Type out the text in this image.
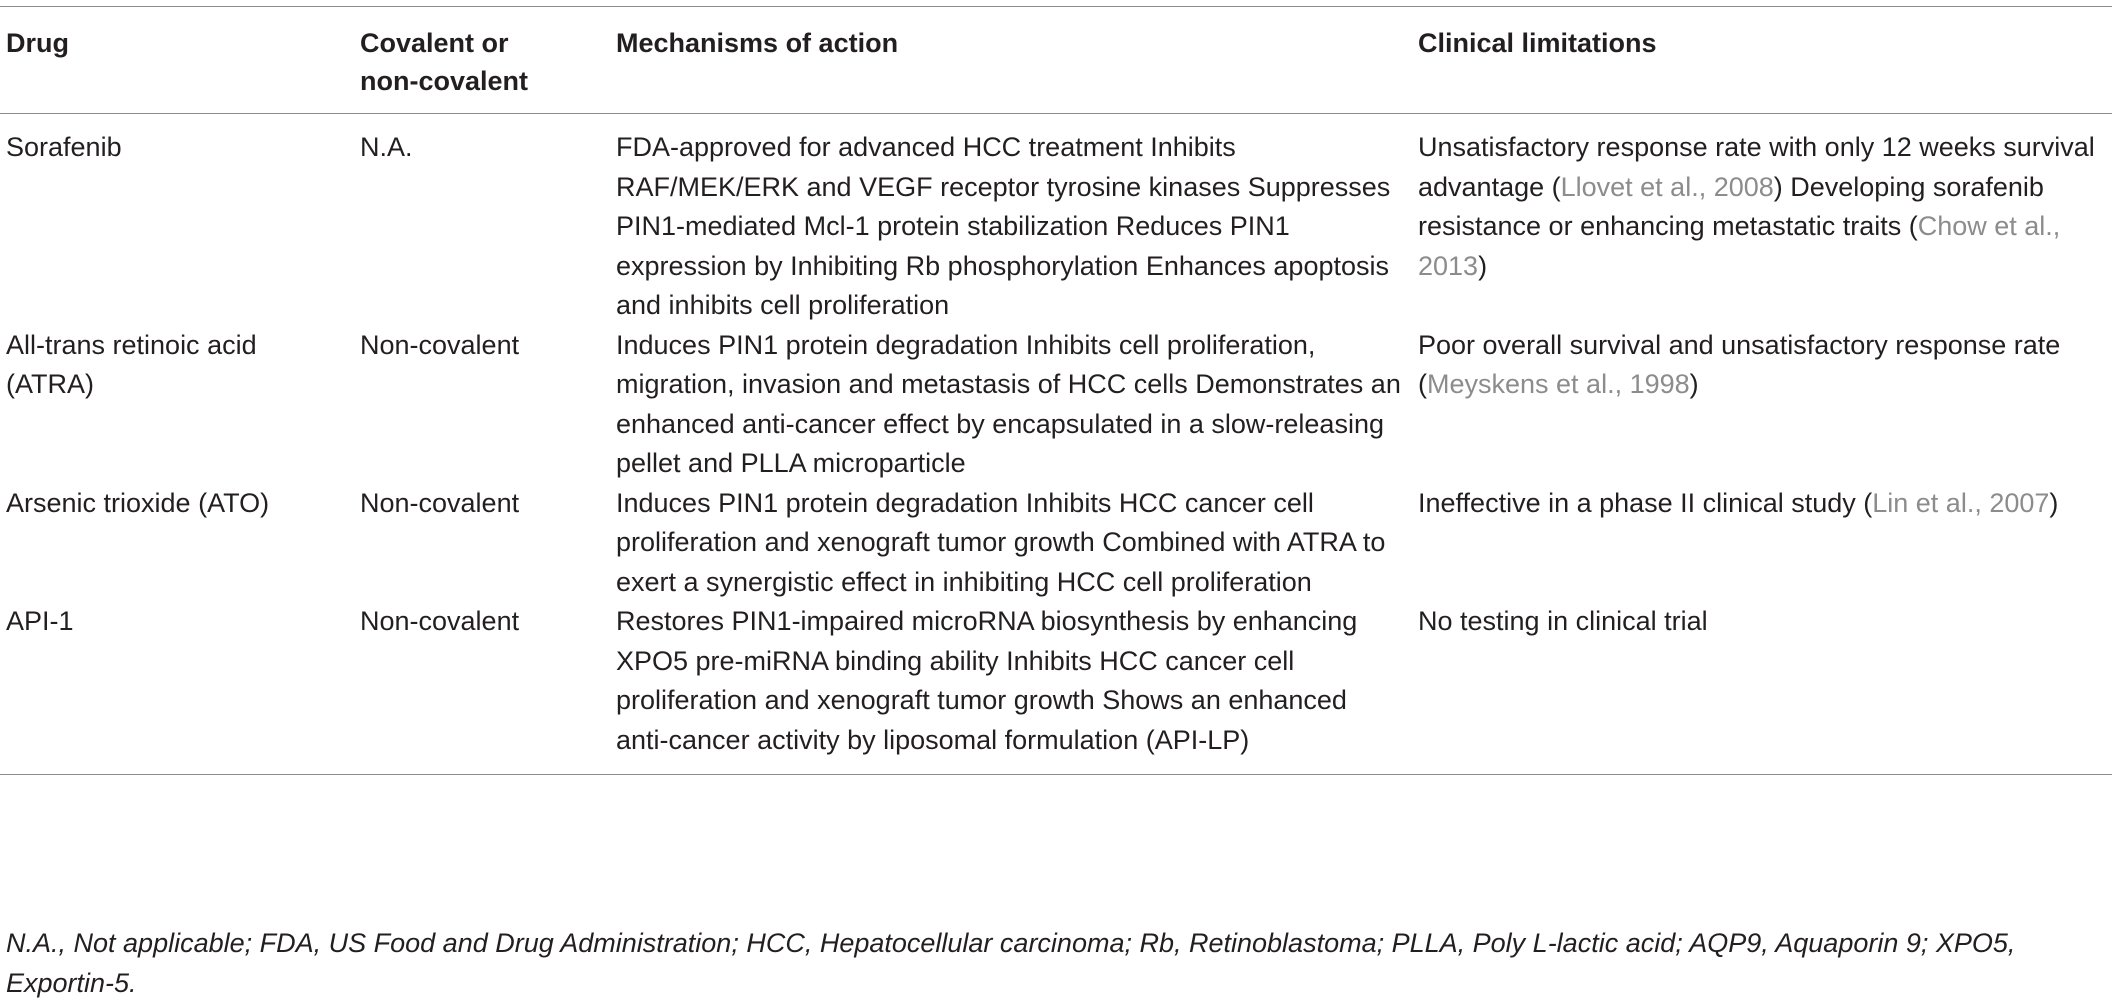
Drug	Covalent or non-covalent	Mechanisms of action	Clinical limitations
Sorafenib	N.A.	FDA-approved for advanced HCC treatment Inhibits RAF/MEK/ERK and VEGF receptor tyrosine kinases Suppresses PIN1-mediated Mcl-1 protein stabilization Reduces PIN1 expression by Inhibiting Rb phosphorylation Enhances apoptosis and inhibits cell proliferation	Unsatisfactory response rate with only 12 weeks survival advantage (Llovet et al., 2008) Developing sorafenib resistance or enhancing metastatic traits (Chow et al., 2013)

All-trans retinoic acid (ATRA)	Non-covalent	Induces PIN1 protein degradation Inhibits cell proliferation, migration, invasion and metastasis of HCC cells Demonstrates an enhanced anti-cancer effect by encapsulated in a slow-releasing pellet and PLLA microparticle	Poor overall survival and unsatisfactory response rate (Meyskens et al., 1998)
Arsenic trioxide (ATO)	Non-covalent	Induces PIN1 protein degradation Inhibits HCC cancer cell proliferation and xenograft tumor growth Combined with ATRA to exert a synergistic effect in inhibiting HCC cell proliferation	Ineffective in a phase II clinical study (Lin et al., 2007)
API-1	Non-covalent	Restores PIN1-impaired microRNA biosynthesis by enhancing XPO5 pre-miRNA binding ability Inhibits HCC cancer cell proliferation and xenograft tumor growth Shows an enhanced anti-cancer activity by liposomal formulation (API-LP)	No testing in clinical trial
N.A., Not applicable; FDA, US Food and Drug Administration; HCC, Hepatocellular carcinoma; Rb, Retinoblastoma; PLLA, Poly L-lactic acid; AQP9, Aquaporin 9; XPO5, Exportin-5.
